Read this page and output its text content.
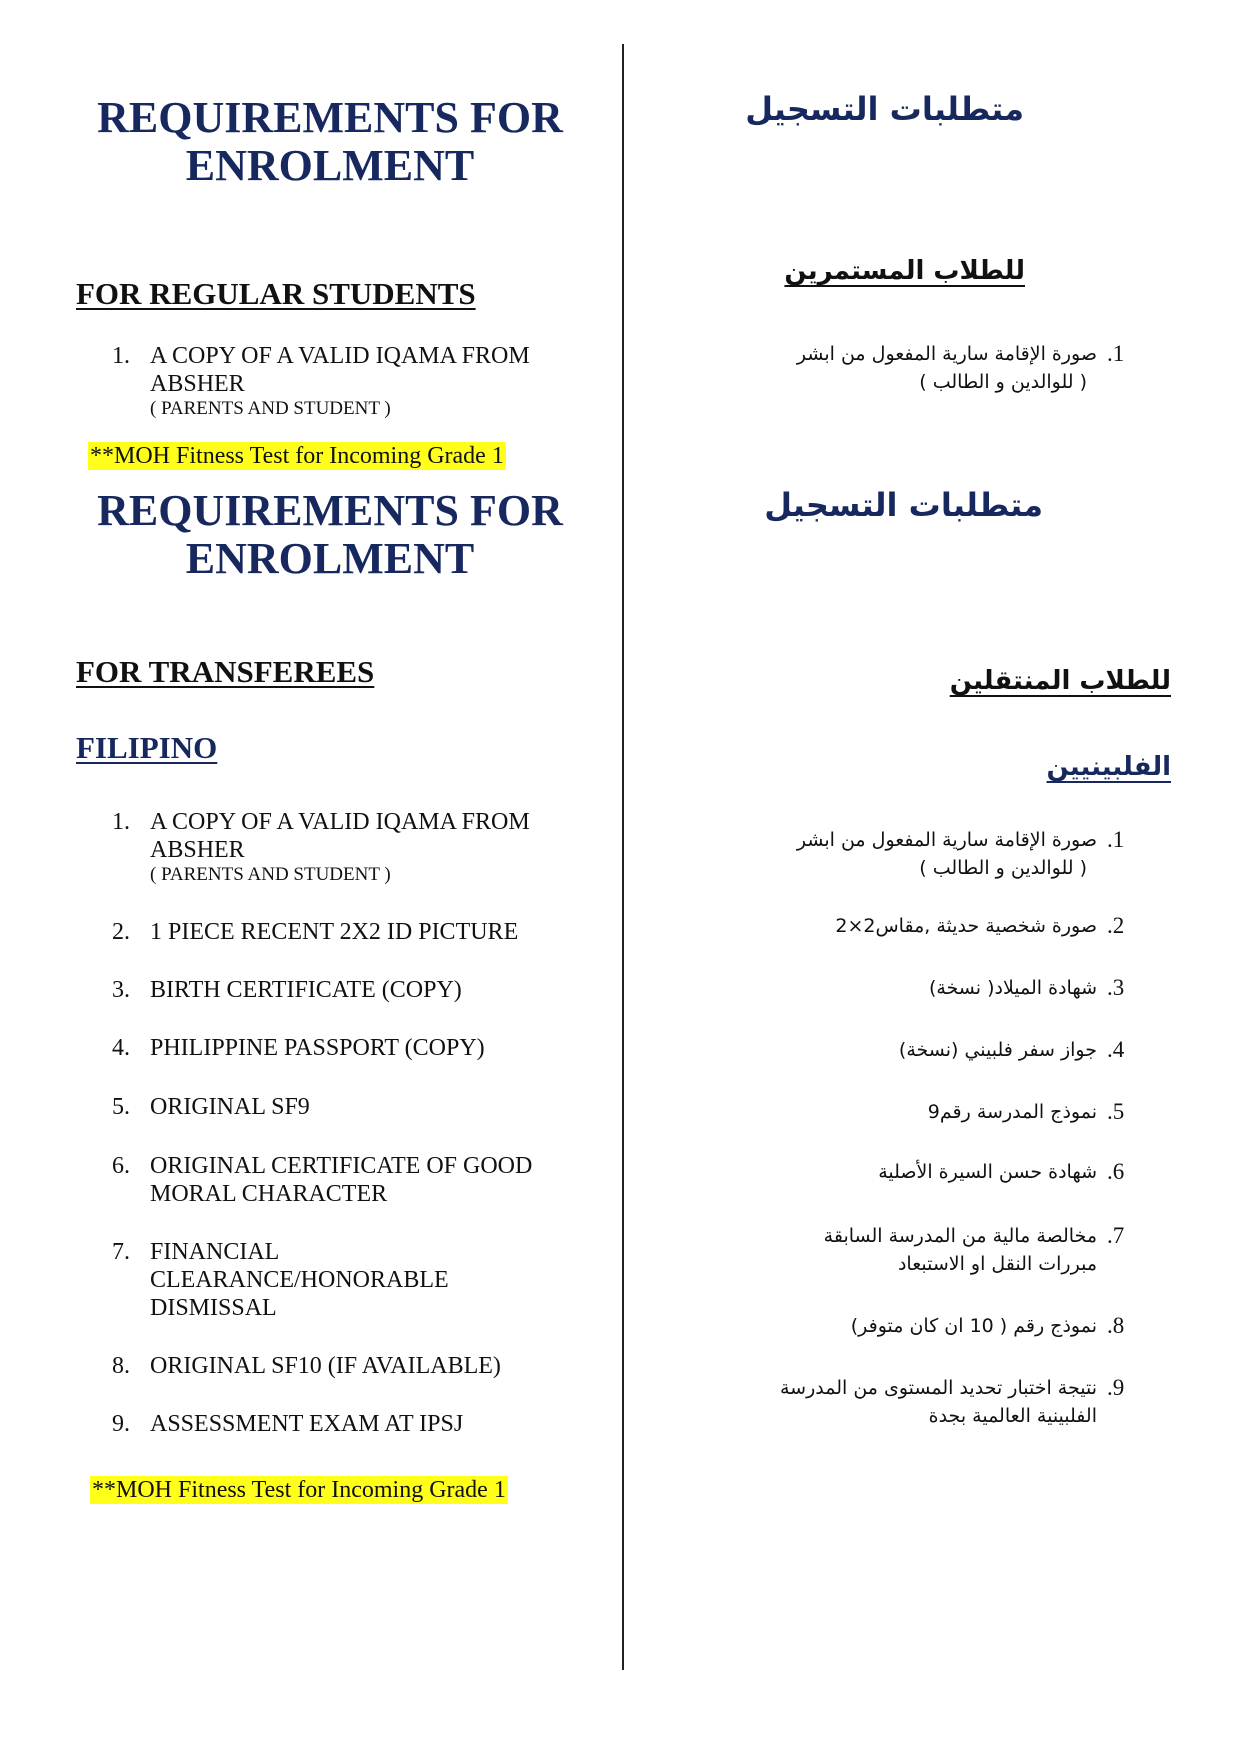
REQUIREMENTS FOR ENROLMENT
FOR REGULAR STUDENTS
1. A COPY OF A VALID IQAMA FROM ABSHER
( PARENTS AND STUDENT )
**MOH Fitness Test for Incoming Grade 1
REQUIREMENTS FOR ENROLMENT
FOR TRANSFEREES
FILIPINO
1. A COPY OF A VALID IQAMA FROM ABSHER
( PARENTS AND STUDENT )
2. 1 PIECE RECENT 2X2 ID PICTURE
3. BIRTH CERTIFICATE (COPY)
4. PHILIPPINE PASSPORT (COPY)
5. ORIGINAL SF9
6. ORIGINAL CERTIFICATE OF GOOD MORAL CHARACTER
7. FINANCIAL CLEARANCE/HONORABLE DISMISSAL
8. ORIGINAL SF10 (IF AVAILABLE)
9. ASSESSMENT EXAM AT IPSJ
**MOH Fitness Test for Incoming Grade 1
متطلبات التسجيل
للطلاب المستمرين
.1
صورة الإقامة سارية المفعول من ابشر
( للوالدين و الطالب )
متطلبات التسجيل
للطلاب المنتقلين
الفلبينيين
.1
صورة الإقامة سارية المفعول من ابشر
( للوالدين و الطالب )
.2
صورة شخصية حديثة ,مقاس2×2
.3
شهادة الميلاد( نسخة)
.4
جواز سفر فلبيني (نسخة)
.5
نموذج المدرسة رقم9
.6
شهادة حسن السيرة الأصلية
.7
مخالصة مالية من المدرسة السابقة
مبررات النقل او الاستبعاد
.8
نموذج رقم ( 10 ان كان متوفر)
.9
نتيجة اختبار تحديد المستوى من المدرسة
الفلبينية العالمية بجدة
